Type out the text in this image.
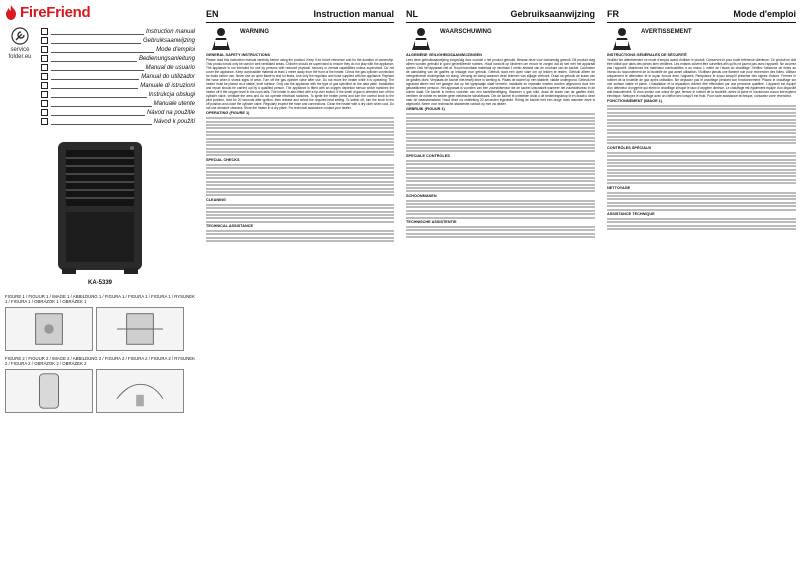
FireFriend
service folder.eu
Instruction manual
Gebruiksaanwijzing
Mode d'emploi
Bedienungsanleitung
Manual de usuario
Manual do utilizador
Manuale di istruzioni
Instrukcja obsługi
Manuale utente
Návod na použitie
Návod k použití
KA-5339
FIGURE 1 / FIGUUR 1 / IMAGE 1 / ABBILDUNG 1 / FIGURA 1 / FIGURA 1 / FIGURA 1 / RYSUNEK 1 / FIGURA 1 / OBRÁZOK 1 / OBRÁZEK 1
FIGURE 2 / FIGUUR 2 / IMAGE 2 / ABBILDUNG 2 / FIGURA 2 / FIGURA 2 / FIGURA 2 / RYSUNEK 2 / FIGURA 2 / OBRÁZOK 2 / OBRÁZEK 2
EN
	Instruction manual
WARNING

GENERAL SAFETY INSTRUCTIONS

Please read this instruction manual carefully before using the product. Keep it for future reference and for the duration of ownership. This product must only be used in well ventilated areas. Children should be supervised to ensure they do not play with the appliance. The appliance is not intended for use by persons with reduced physical, sensory or mental capabilities unless supervised. Do not cover the appliance. Keep combustible material at least 1 metre away from the front of the heater. Check the gas cylinder connection for leaks before use. Never use an open flame to test for leaks. Use only the regulator and hose supplied with the appliance. Replace the hose when it shows signs of wear. Turn off the gas cylinder valve after use. Do not move the heater while it is operating. The heater must be placed on a stable, level surface. Only use the appliance with the type of gas specified on the data plate. Installation and repair should be carried out by a qualified person. The appliance is fitted with an oxygen depletion sensor which switches the heater off if the oxygen level in the room falls. The heater is also fitted with a tip-over switch. If the smell of gas is detected turn off the cylinder valve, ventilate the area and do not operate electrical switches. To ignite the heater press and turn the control knob to the pilot position, hold for 20 seconds after ignition, then release and select the required heat setting. To switch off, turn the knob to the off position and close the cylinder valve. Regularly inspect the hose and connections. Clean the heater with a dry cloth when cool. Do not use abrasive cleaners. Store the heater in a dry place. For technical assistance contact your dealer.

OPERATING (FIGURE 1)

SPECIAL CHECKS

CLEANING

TECHNICAL ASSISTANCE

NL
	Gebruiksaanwijzing
WAARSCHUWING

ALGEMENE VEILIGHEIDSAANWIJZINGEN

Lees deze gebruiksaanwijzing zorgvuldig door voordat u het product gebruikt. Bewaar deze voor toekomstig gebruik. Dit product mag alleen worden gebruikt in goed geventileerde ruimtes. Houd toezicht op kinderen om ervoor te zorgen dat zij niet met het apparaat spelen. Dek het apparaat niet af. Houd brandbaar materiaal op minimaal 1 meter afstand van de voorkant van de kachel. Controleer de aansluiting van de gasfles op lekkage voor gebruik. Gebruik nooit een open vlam om op lekken te testen. Gebruik alleen de meegeleverde drukregelaar en slang. Vervang de slang wanneer deze tekenen van slijtage vertoont. Draai na gebruik de kraan van de gasfles dicht. Verplaats de kachel niet terwijl deze in werking is. Plaats de kachel op een stabiele, vlakke ondergrond. Gebruik het apparaat alleen met het gastype dat op het typeplaatje staat vermeld. Installatie en reparatie moeten worden uitgevoerd door een gekwalificeerd persoon. Het apparaat is voorzien van een zuurstofsensor die de kachel uitschakelt wanneer het zuurstofniveau in de ruimte daalt. De kachel is tevens voorzien van een kantelbeveiliging. Wanneer u gas ruikt, draai de kraan van de gasfles dicht, ventileer de ruimte en bedien geen elektrische schakelaars. Om de kachel te ontsteken drukt u de bedieningsknop in en draait u deze naar de waakvlamstand. Houd deze na ontsteking 20 seconden ingedrukt. Reinig de kachel met een droge doek wanneer deze is afgekoeld. Neem voor technische assistentie contact op met uw dealer.

GEBRUIK (FIGUUR 1)

SPECIALE CONTROLES

SCHOONMAKEN

TECHNISCHE ASSISTENTIE

FR
	Mode d'emploi
AVERTISSEMENT

INSTRUCTIONS GÉNÉRALES DE SÉCURITÉ

Veuillez lire attentivement ce mode d'emploi avant d'utiliser le produit. Conservez-le pour toute référence ultérieure. Ce produit ne doit être utilisé que dans des pièces bien ventilées. Les enfants doivent être surveillés afin qu'ils ne jouent pas avec l'appareil. Ne couvrez pas l'appareil. Maintenez les matériaux combustibles à au moins 1 mètre de l'avant du chauffage. Vérifiez l'absence de fuites au niveau du raccordement de la bouteille de gaz avant utilisation. N'utilisez jamais une flamme nue pour rechercher des fuites. Utilisez uniquement le détendeur et le tuyau fournis avec l'appareil. Remplacez le tuyau lorsqu'il présente des signes d'usure. Fermez le robinet de la bouteille de gaz après utilisation. Ne déplacez pas le chauffage pendant son fonctionnement. Placez le chauffage sur une surface stable et plane. L'installation et la réparation doivent être effectuées par une personne qualifiée. L'appareil est équipé d'un détecteur d'oxygène qui éteint le chauffage lorsque le taux d'oxygène diminue. Le chauffage est également équipé d'un dispositif anti-basculement. Si vous sentez une odeur de gaz, fermez le robinet de la bouteille, aérez la pièce et n'actionnez aucun interrupteur électrique. Nettoyez le chauffage avec un chiffon sec lorsqu'il est froid. Pour toute assistance technique, contactez votre revendeur.

FONCTIONNEMENT (IMAGE 1)

CONTRÔLES SPÉCIAUX

NETTOYAGE

ASSISTANCE TECHNIQUE
